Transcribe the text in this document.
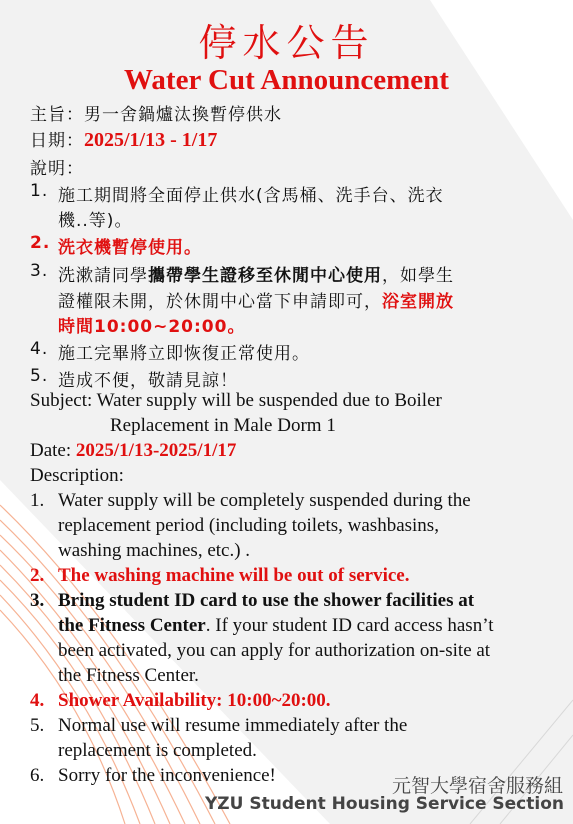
停水公告
Water Cut Announcement
主旨：男一舍鍋爐汰換暫停供水
日期：2025/1/13 - 1/17
說明：
1. 施工期間將全面停止供水(含馬桶、洗手台、洗衣
機..等)。
2. 洗衣機暫停使用。
3. 洗漱請同學攜帶學生證移至休閒中心使用，如學生
證權限未開，於休閒中心當下申請即可，浴室開放
時間10:00~20:00。
4. 施工完畢將立即恢復正常使用。
5. 造成不便，敬請見諒！
Subject: Water supply will be suspended due to Boiler
Replacement in Male Dorm 1
Date: 2025/1/13-2025/1/17
Description:
1. Water supply will be completely suspended during the
replacement period (including toilets, washbasins,
washing machines, etc.) .
2. The washing machine will be out of service.
3. Bring student ID card to use the shower facilities at
the Fitness Center. If your student ID card access hasn’t
been activated, you can apply for authorization on-site at
the Fitness Center.
4. Shower Availability: 10:00~20:00.
5. Normal use will resume immediately after the
replacement is completed.
6. Sorry for the inconvenience!	元智大學宿舍服務組
YZU Student Housing Service Section
